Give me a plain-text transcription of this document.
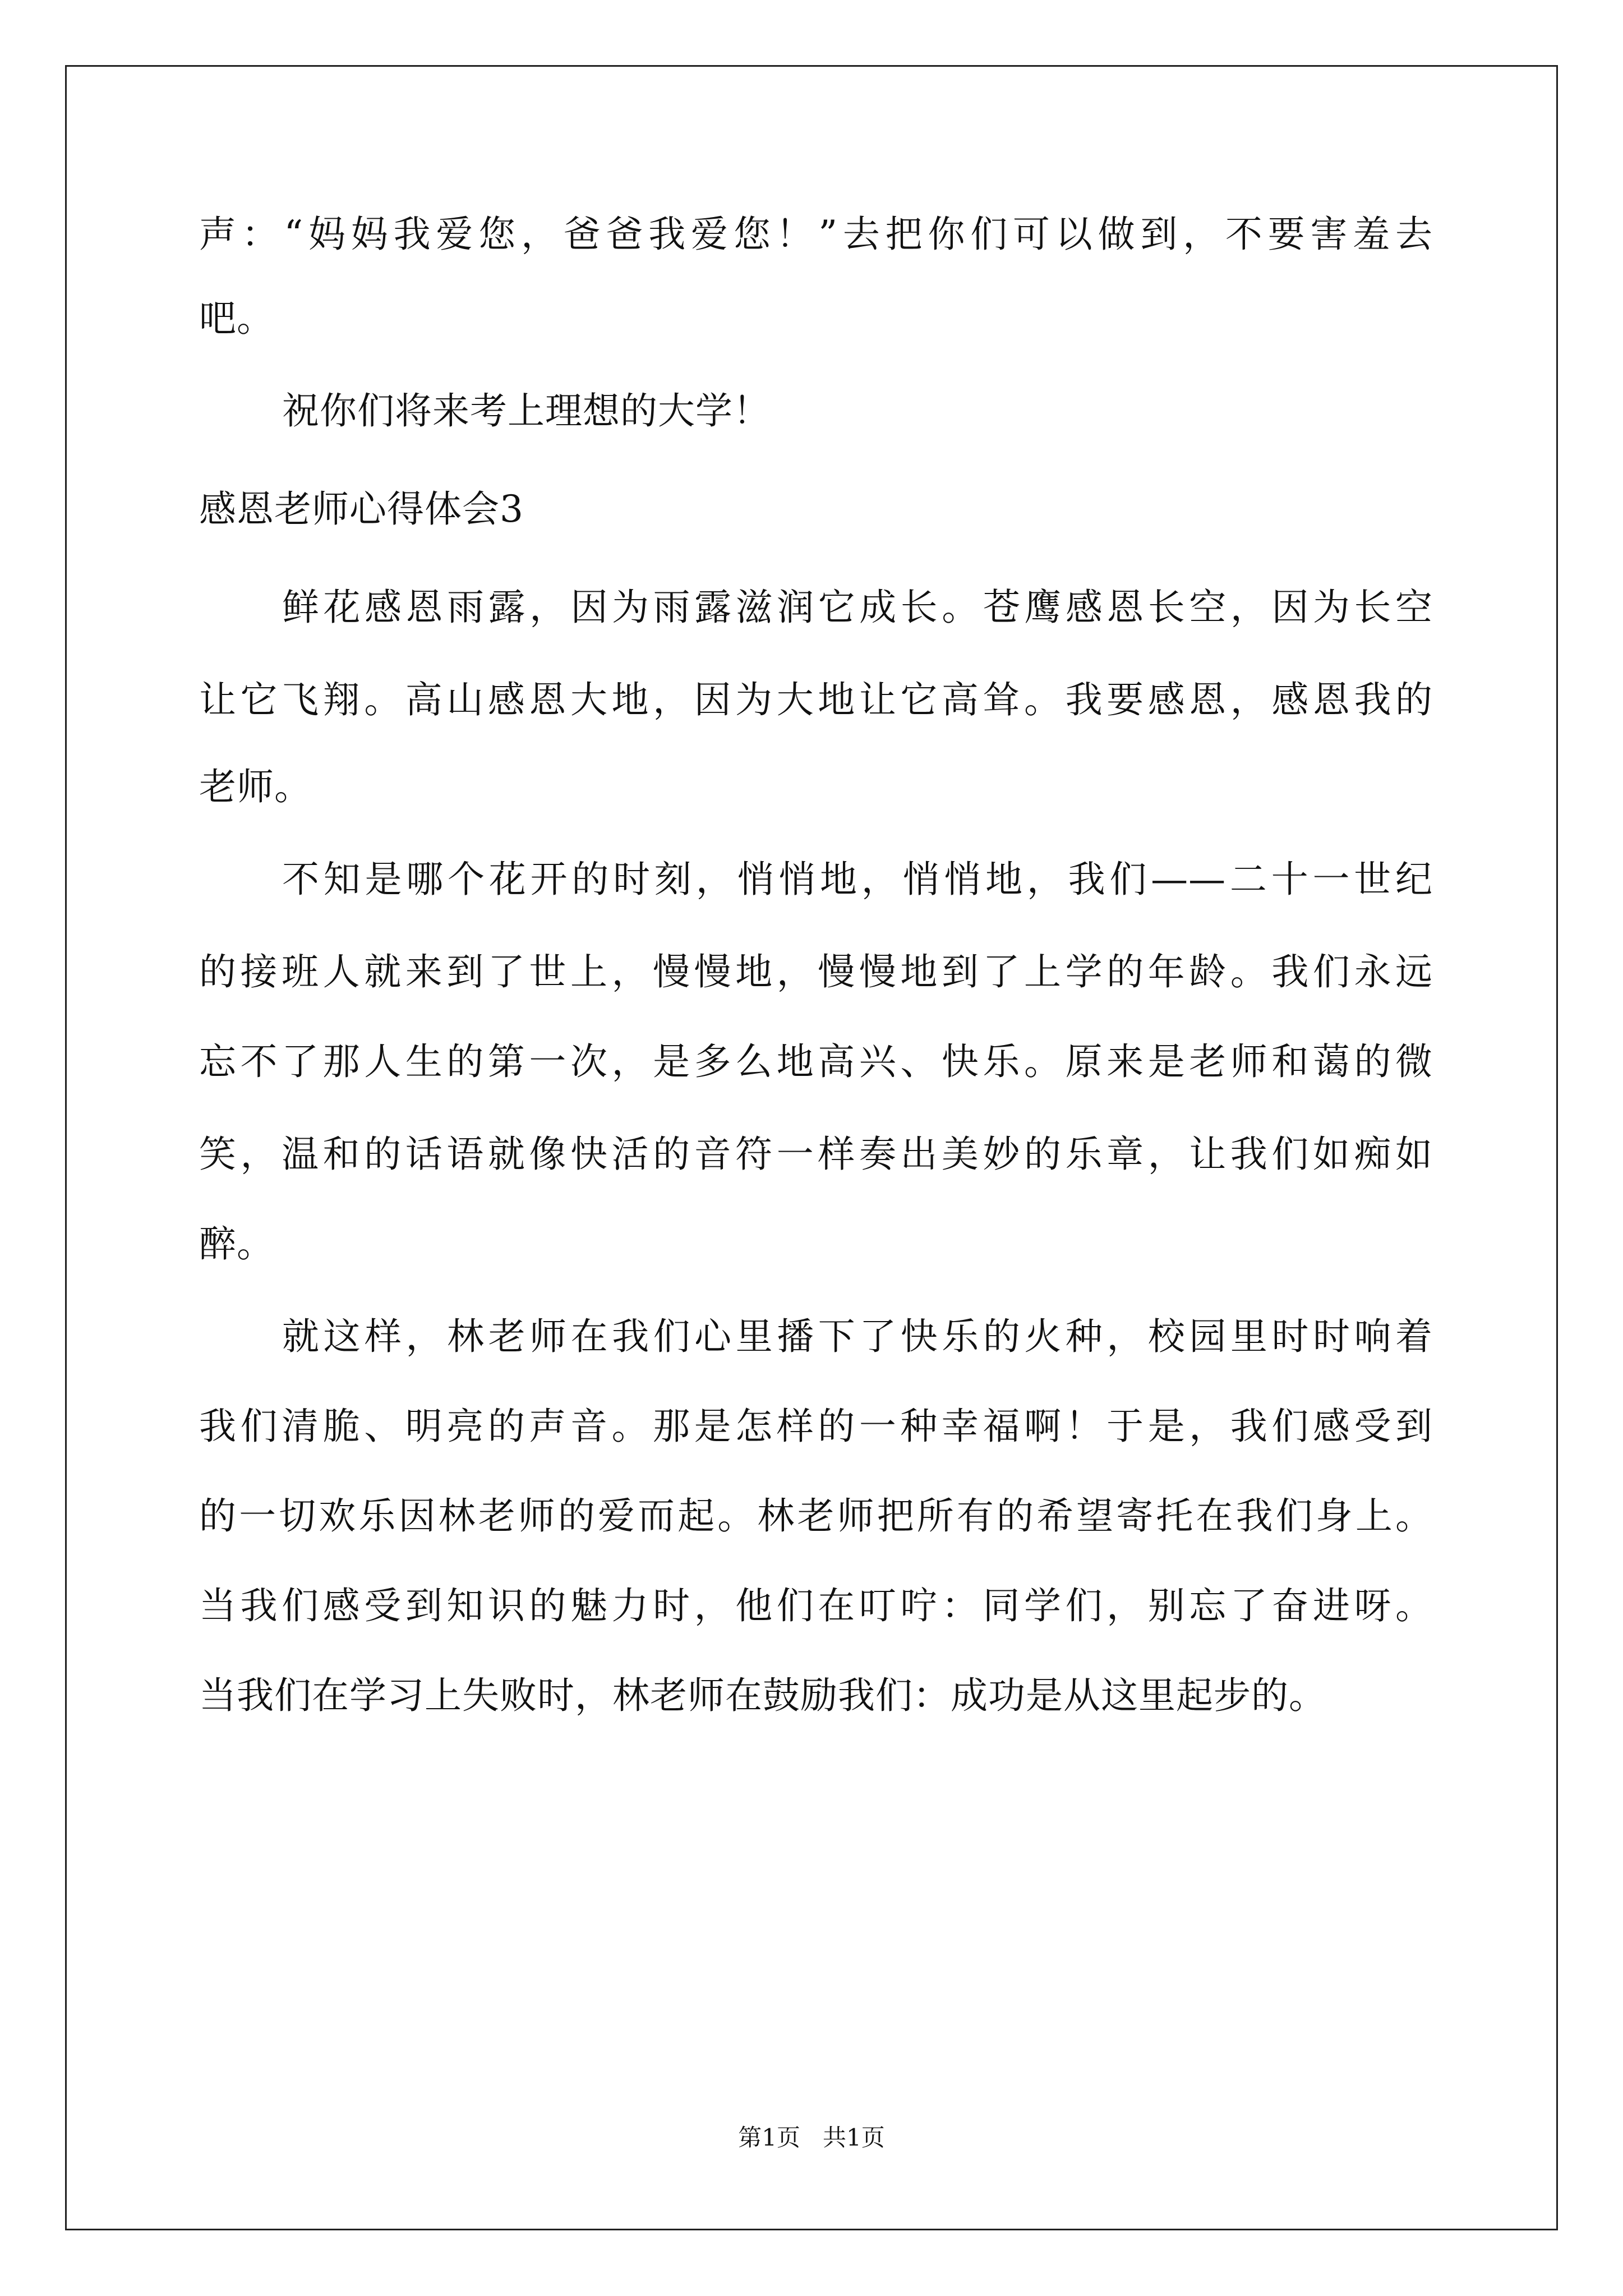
声：“妈妈我爱您，爸爸我爱您！”去把你们可以做到，不要害羞去
吧。
祝你们将来考上理想的大学！
感恩老师心得体会3
鲜花感恩雨露，因为雨露滋润它成长。苍鹰感恩长空，因为长空
让它飞翔。高山感恩大地，因为大地让它高耸。我要感恩，感恩我的
老师。
不知是哪个花开的时刻，悄悄地，悄悄地，我们——二十一世纪
的接班人就来到了世上，慢慢地，慢慢地到了上学的年龄。我们永远
忘不了那人生的第一次，是多么地高兴、快乐。原来是老师和蔼的微
笑，温和的话语就像快活的音符一样奏出美妙的乐章，让我们如痴如
醉。
就这样，林老师在我们心里播下了快乐的火种，校园里时时响着
我们清脆、明亮的声音。那是怎样的一种幸福啊！于是，我们感受到
的一切欢乐因林老师的爱而起。林老师把所有的希望寄托在我们身上。
当我们感受到知识的魅力时，他们在叮咛：同学们，别忘了奋进呀。
当我们在学习上失败时，林老师在鼓励我们：成功是从这里起步的。
第1页   共1页
